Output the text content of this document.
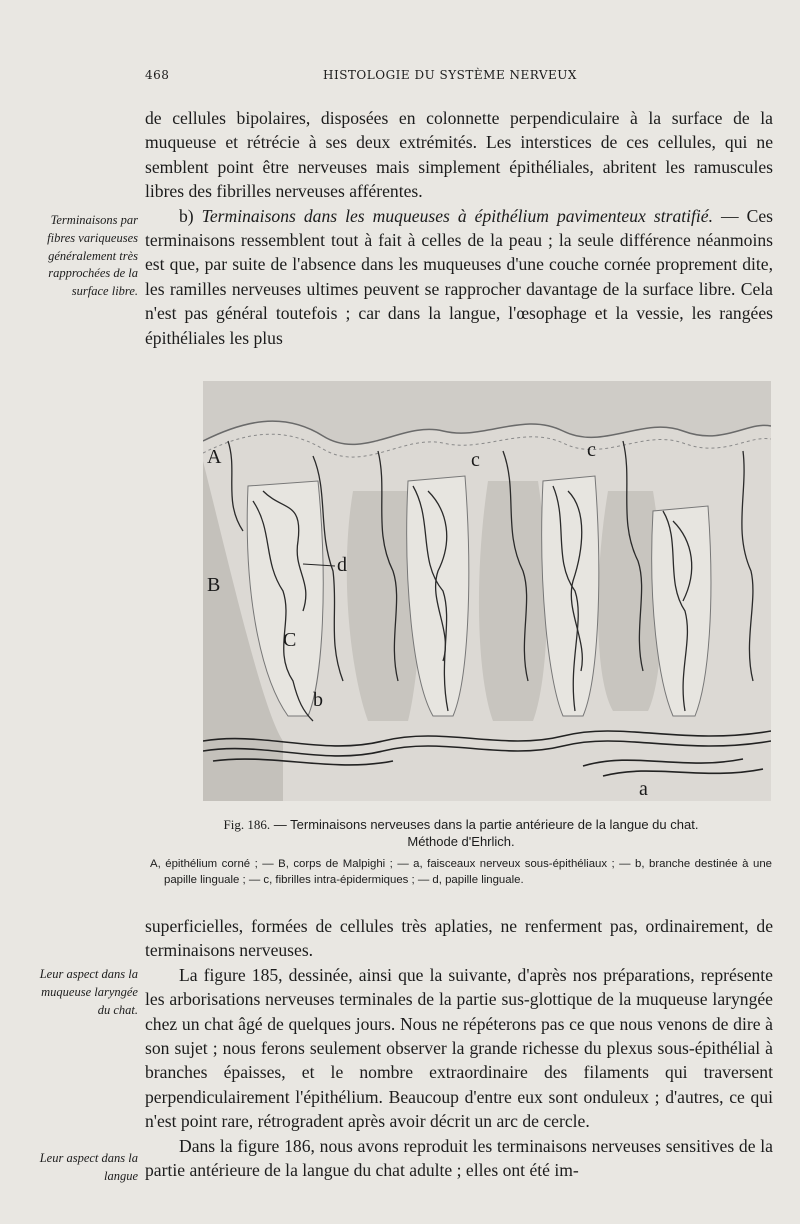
468	HISTOLOGIE DU SYSTÈME NERVEUX

de cellules bipolaires, disposées en colonnette perpendiculaire à la surface de la muqueuse et rétrécie à ses deux extrémités. Les interstices de ces cellules, qui ne semblent point être nerveuses mais simplement épithéliales, abritent les ramuscules libres des fibrilles nerveuses afférentes.

b) Terminaisons dans les muqueuses à épithélium pavimenteux stratifié. — Ces terminaisons ressemblent tout à fait à celles de la peau ; la seule différence néanmoins est que, par suite de l'absence dans les muqueuses d'une couche cornée proprement dite, les ramilles nerveuses ultimes peuvent se rapprocher davantage de la surface libre. Cela n'est pas général toutefois ; car dans la langue, l'œsophage et la vessie, les rangées épithéliales les plus

Terminaisons par fibres variqueuses généralement très rapprochées de la surface libre.
Leur aspect dans la muqueuse laryngée du chat.
Leur aspect dans la langue
A
B
C
b
c	c
d
a
Fig. 186. — Terminaisons nerveuses dans la partie antérieure de la langue du chat.
Méthode d'Ehrlich.

A, épithélium corné ; — B, corps de Malpighi ; — a, faisceaux nerveux sous-épithéliaux ; — b, branche destinée à une papille linguale ; — c, fibrilles intra-épidermiques ; — d, papille linguale.

superficielles, formées de cellules très aplaties, ne renferment pas, ordinairement, de terminaisons nerveuses.

La figure 185, dessinée, ainsi que la suivante, d'après nos préparations, représente les arborisations nerveuses terminales de la partie sus-glottique de la muqueuse laryngée chez un chat âgé de quelques jours. Nous ne répéterons pas ce que nous venons de dire à son sujet ; nous ferons seulement observer la grande richesse du plexus sous-épithélial à branches épaisses, et le nombre extraordinaire des filaments qui traversent perpendiculairement l'épithélium. Beaucoup d'entre eux sont onduleux ; d'autres, ce qui n'est point rare, rétrogradent après avoir décrit un arc de cercle.

Dans la figure 186, nous avons reproduit les terminaisons nerveuses sensitives de la partie antérieure de la langue du chat adulte ; elles ont été im-
